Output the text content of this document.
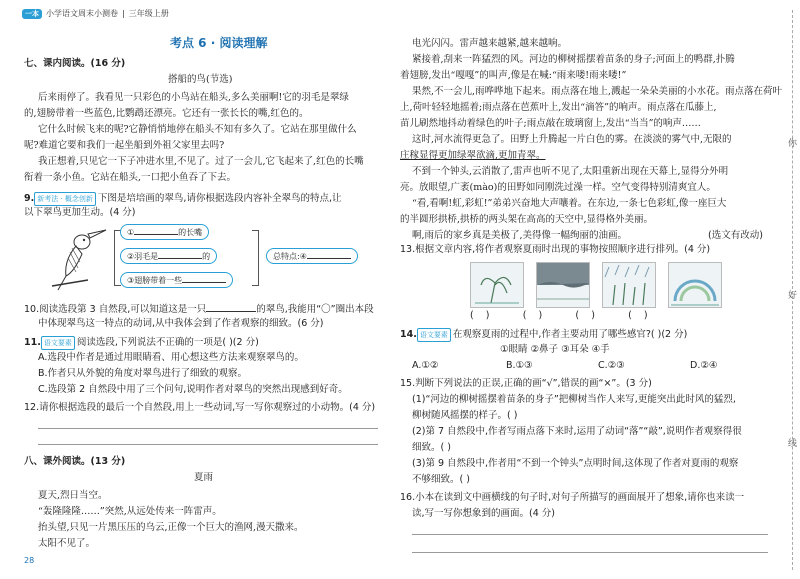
一本 小学语文周末小测卷 | 三年级上册
考点 6 · 阅读理解
七、课内阅读。(16 分)
搭船的鸟(节选)
后来雨停了。我看见一只彩色的小鸟站在船头,多么美丽啊!它的羽毛是翠绿
的,翅膀带着一些蓝色,比鹦鹉还漂亮。它还有一张长长的嘴,红色的。
它什么时候飞来的呢?它静悄悄地停在船头不知有多久了。它站在那里做什么
呢?难道它要和我们一起坐船到外祖父家里去吗?
我正想着,只见它一下子冲进水里,不见了。过了一会儿,它飞起来了,红色的长嘴
衔着一条小鱼。它站在船头,一口把小鱼吞了下去。
9. 新考法 · 概念创新 下图是培培画的翠鸟,请你根据选段内容补全翠鸟的特点,让
以下翠鸟更加生动。(4 分)
①	的长嘴
②羽毛是	的
③翅膀带着一些
总特点:④
10.阅读选段第 3 自然段,可以知道这是一只	的翠鸟,我能用“〇”圈出本段
中体现翠鸟这一特点的动词,从中我体会到了作者观察的细致。(6 分)
11. 语文要素 阅读选段,下列说法不正确的一项是( )(2 分)
A.选段中作者是通过用眼睛看、用心想这些方法来观察翠鸟的。
B.作者只从外貌的角度对翠鸟进行了细致的观察。
C.选段第 2 自然段中用了三个问句,说明作者对翠鸟的突然出现感到好奇。
12.请你根据选段的最后一个自然段,用上一些动词,写一写你观察过的小动物。(4 分)
八、课外阅读。(13 分)
夏雨
夏天,烈日当空。
“轰隆隆隆……”突然,从远处传来一阵雷声。
抬头望,只见一片黑压压的乌云,正像一个巨大的渔网,漫天撒来。
太阳不见了。
28
电光闪闪。雷声越来越紧,越来越响。
紧接着,刮来一阵猛烈的风。河边的柳树摇摆着苗条的身子;河面上的鸭群,扑腾
着翅膀,发出“嘎嘎”的叫声,像是在喊:“雨来喽!雨来喽!”
果然,不一会儿,雨哗哗地下起来。雨点落在地上,溅起一朵朵美丽的小水花。雨点落在荷叶
上,荷叶轻轻地摇着;雨点落在芭蕉叶上,发出“滴答”的响声。雨点落在瓜藤上,
苗儿刷然地抖动着绿色的叶子;雨点敲在玻璃窗上,发出“当当”的响声……
这时,河水流得更急了。田野上升腾起一片白色的雾。在淡淡的雾气中,无限的
庄稼显得更加绿翠欲滴,更加青翠。
不到一个钟头,云消散了,雷声也听不见了,太阳重新出现在天幕上,显得分外明
亮。放眼望,广袤(mào)的田野如同刚洗过澡一样。空气变得特别清爽宜人。
“看,看啊!虹,彩虹!”弟弟兴奋地大声嚷着。在东边,一条七色彩虹,像一座巨大
的半圆形拱桥,拱桥的两头架在高高的天空中,显得格外美丽。
啊,雨后的家乡真是美极了,美得像一幅绚丽的油画。	(选文有改动)
13.根据文章内容,将作者观察夏雨时出现的事物按照顺序进行排列。(4 分)
(    )           (    )           (    )           (    )
14. 语文要素 在观察夏雨的过程中,作者主要动用了哪些感官?( )(2 分)
①眼睛 ②鼻子 ③耳朵 ④手
A.①②	B.①③	C.②③	D.②④
15.判断下列说法的正误,正确的画“√”,错误的画“×”。(3 分)
(1)“河边的柳树摇摆着苗条的身子”把柳树当作人来写,更能突出此时风的猛烈,
柳树随风摇摆的样子。( )
(2)第 7 自然段中,作者写雨点落下来时,运用了动词“落”“敲”,说明作者观察得很
细致。( )
(3)第 9 自然段中,作者用“不到一个钟头”点明时间,这体现了作者对夏雨的观察
不够细致。( )
16.小本在读到文中画横线的句子时,对句子所描写的画面展开了想象,请你也来读一
读,写一写你想象到的画面。(4 分)
你
好
线
